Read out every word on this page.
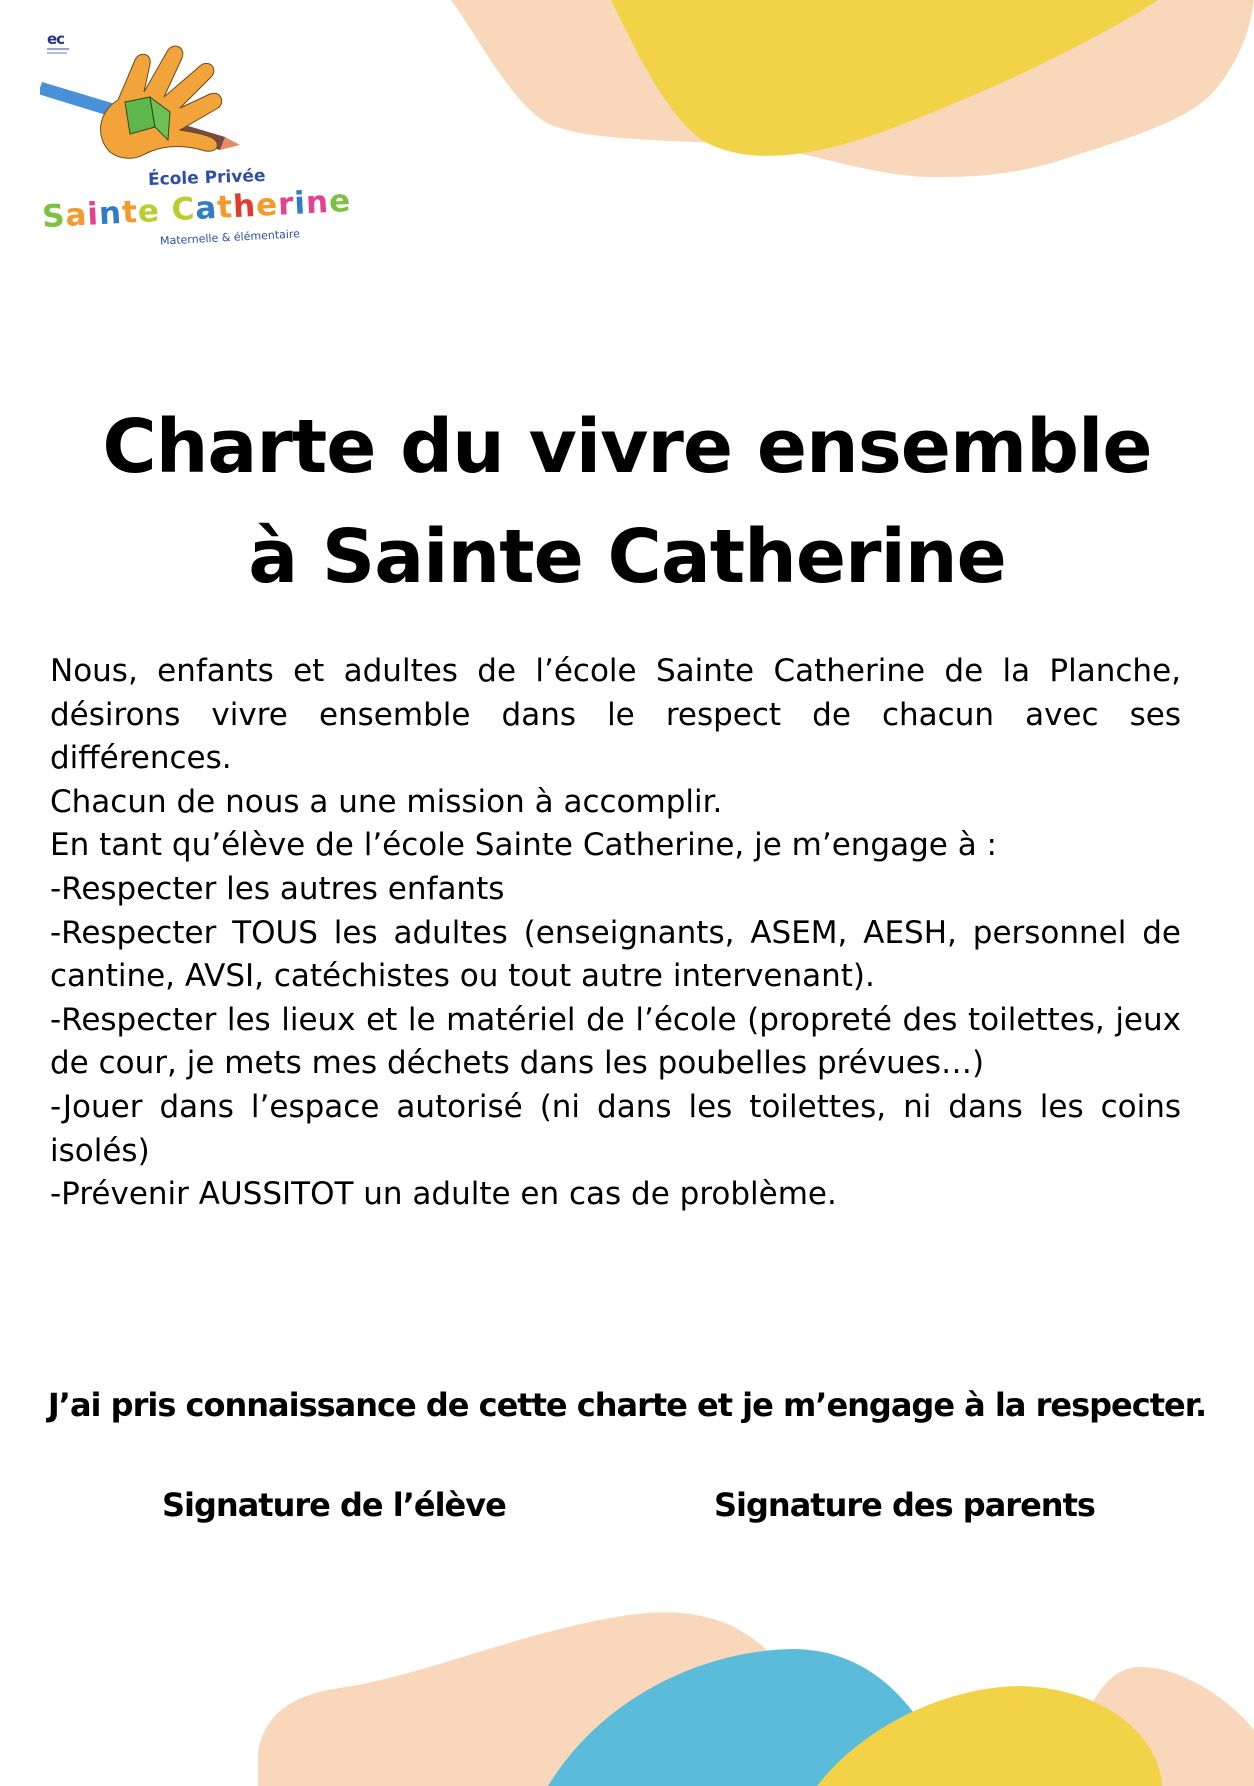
ec
École Privée
Sainte Catherine
Maternelle & élémentaire
Charte du vivre ensemble
à Sainte Catherine

Nous, enfants et adultes de l’école Sainte Catherine de la Planche, désirons vivre ensemble dans le respect de chacun avec ses différences.

Chacun de nous a une mission à accomplir.

En tant qu’élève de l’école Sainte Catherine, je m’engage à :

-Respecter les autres enfants

-Respecter TOUS les adultes (enseignants, ASEM, AESH, personnel de cantine, AVSI, catéchistes ou tout autre intervenant).

-Respecter les lieux et le matériel de l’école (propreté des toilettes, jeux de cour, je mets mes déchets dans les poubelles prévues…)

-Jouer dans l’espace autorisé (ni dans les toilettes, ni dans les coins isolés)

-Prévenir AUSSITOT un adulte en cas de problème.

J’ai pris connaissance de cette charte et je m’engage à la respecter.
Signature de l’élève	Signature des parents
